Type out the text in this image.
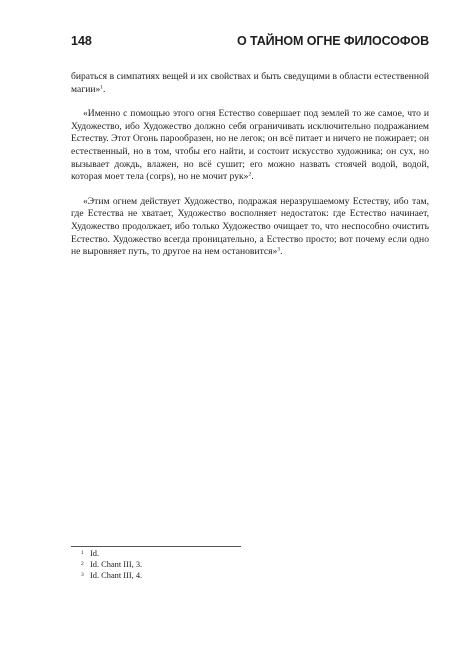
148	О ТАЙНОМ ОГНЕ ФИЛОСОФОВ

бираться в симпатиях вещей и их свойствах и быть сведущими в области естественной магии»$^1$.

«Именно с помощью этого огня Естество совершает под землей то же самое, что и Художество, ибо Художество должно себя ограничивать исключительно подражанием Естеству. Этот Огонь парообразен, но не легок; он всё питает и ничего не пожирает; он естественный, но в том, чтобы его найти, и состоит искусство художника; он сух, но вызывает дождь, влажен, но всё сушит; его можно назвать стоячей водой, водой, которая моет тела (corps), но не мочит рук»$^2$.

«Этим огнем действует Художество, подражая неразрушаемому Естеству, ибо там, где Естества не хватает, Художество восполняет недостаток: где Естество начинает, Художество продолжает, ибо только Художество очищает то, что неспособно очистить Естество. Художество всегда проницательно, а Естество просто; вот почему если одно не выровняет путь, то другое на нем остановится»$^3$.

1 Id.
2 Id. Chant III, 3.
3 Id. Chant III, 4.
